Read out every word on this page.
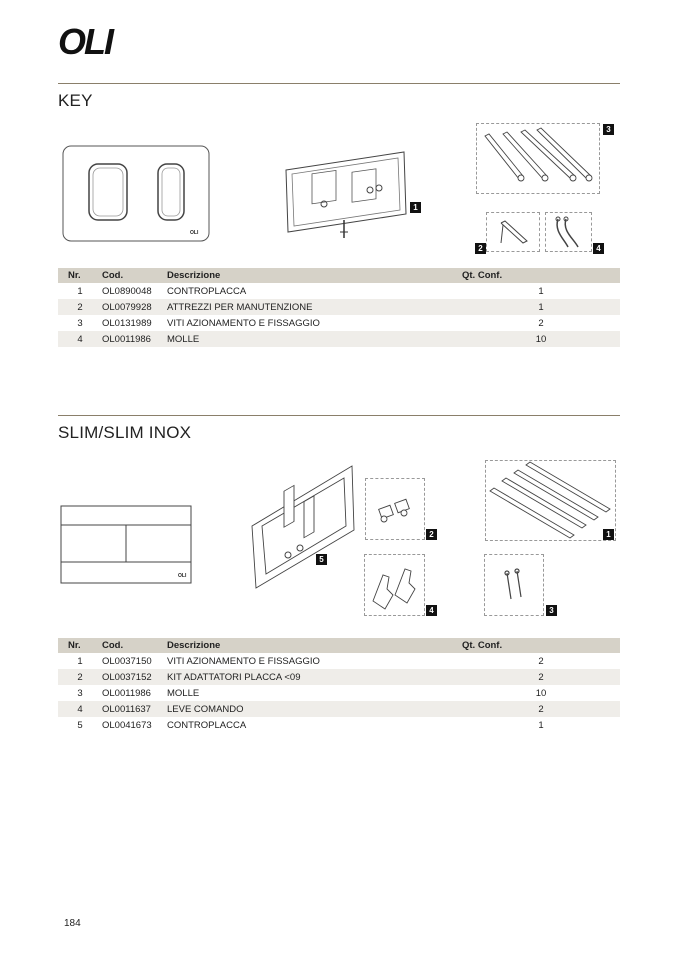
OLI
KEY
OLI
1
3
2	4
Nr.	Cod.	Descrizione	Qt. Conf.
1	OL0890048	CONTROPLACCA	1
2	OL0079928	ATTREZZI PER MANUTENZIONE	1
3	OL0131989	VITI AZIONAMENTO E FISSAGGIO	2
4	OL0011986	MOLLE	10
SLIM/SLIM INOX
OLI
5
2
4
1
3
Nr.	Cod.	Descrizione	Qt. Conf.
1	OL0037150	VITI AZIONAMENTO E FISSAGGIO	2
2	OL0037152	KIT ADATTATORI PLACCA <09	2
3	OL0011986	MOLLE	10
4	OL0011637	LEVE COMANDO	2
5	OL0041673	CONTROPLACCA	1
184
